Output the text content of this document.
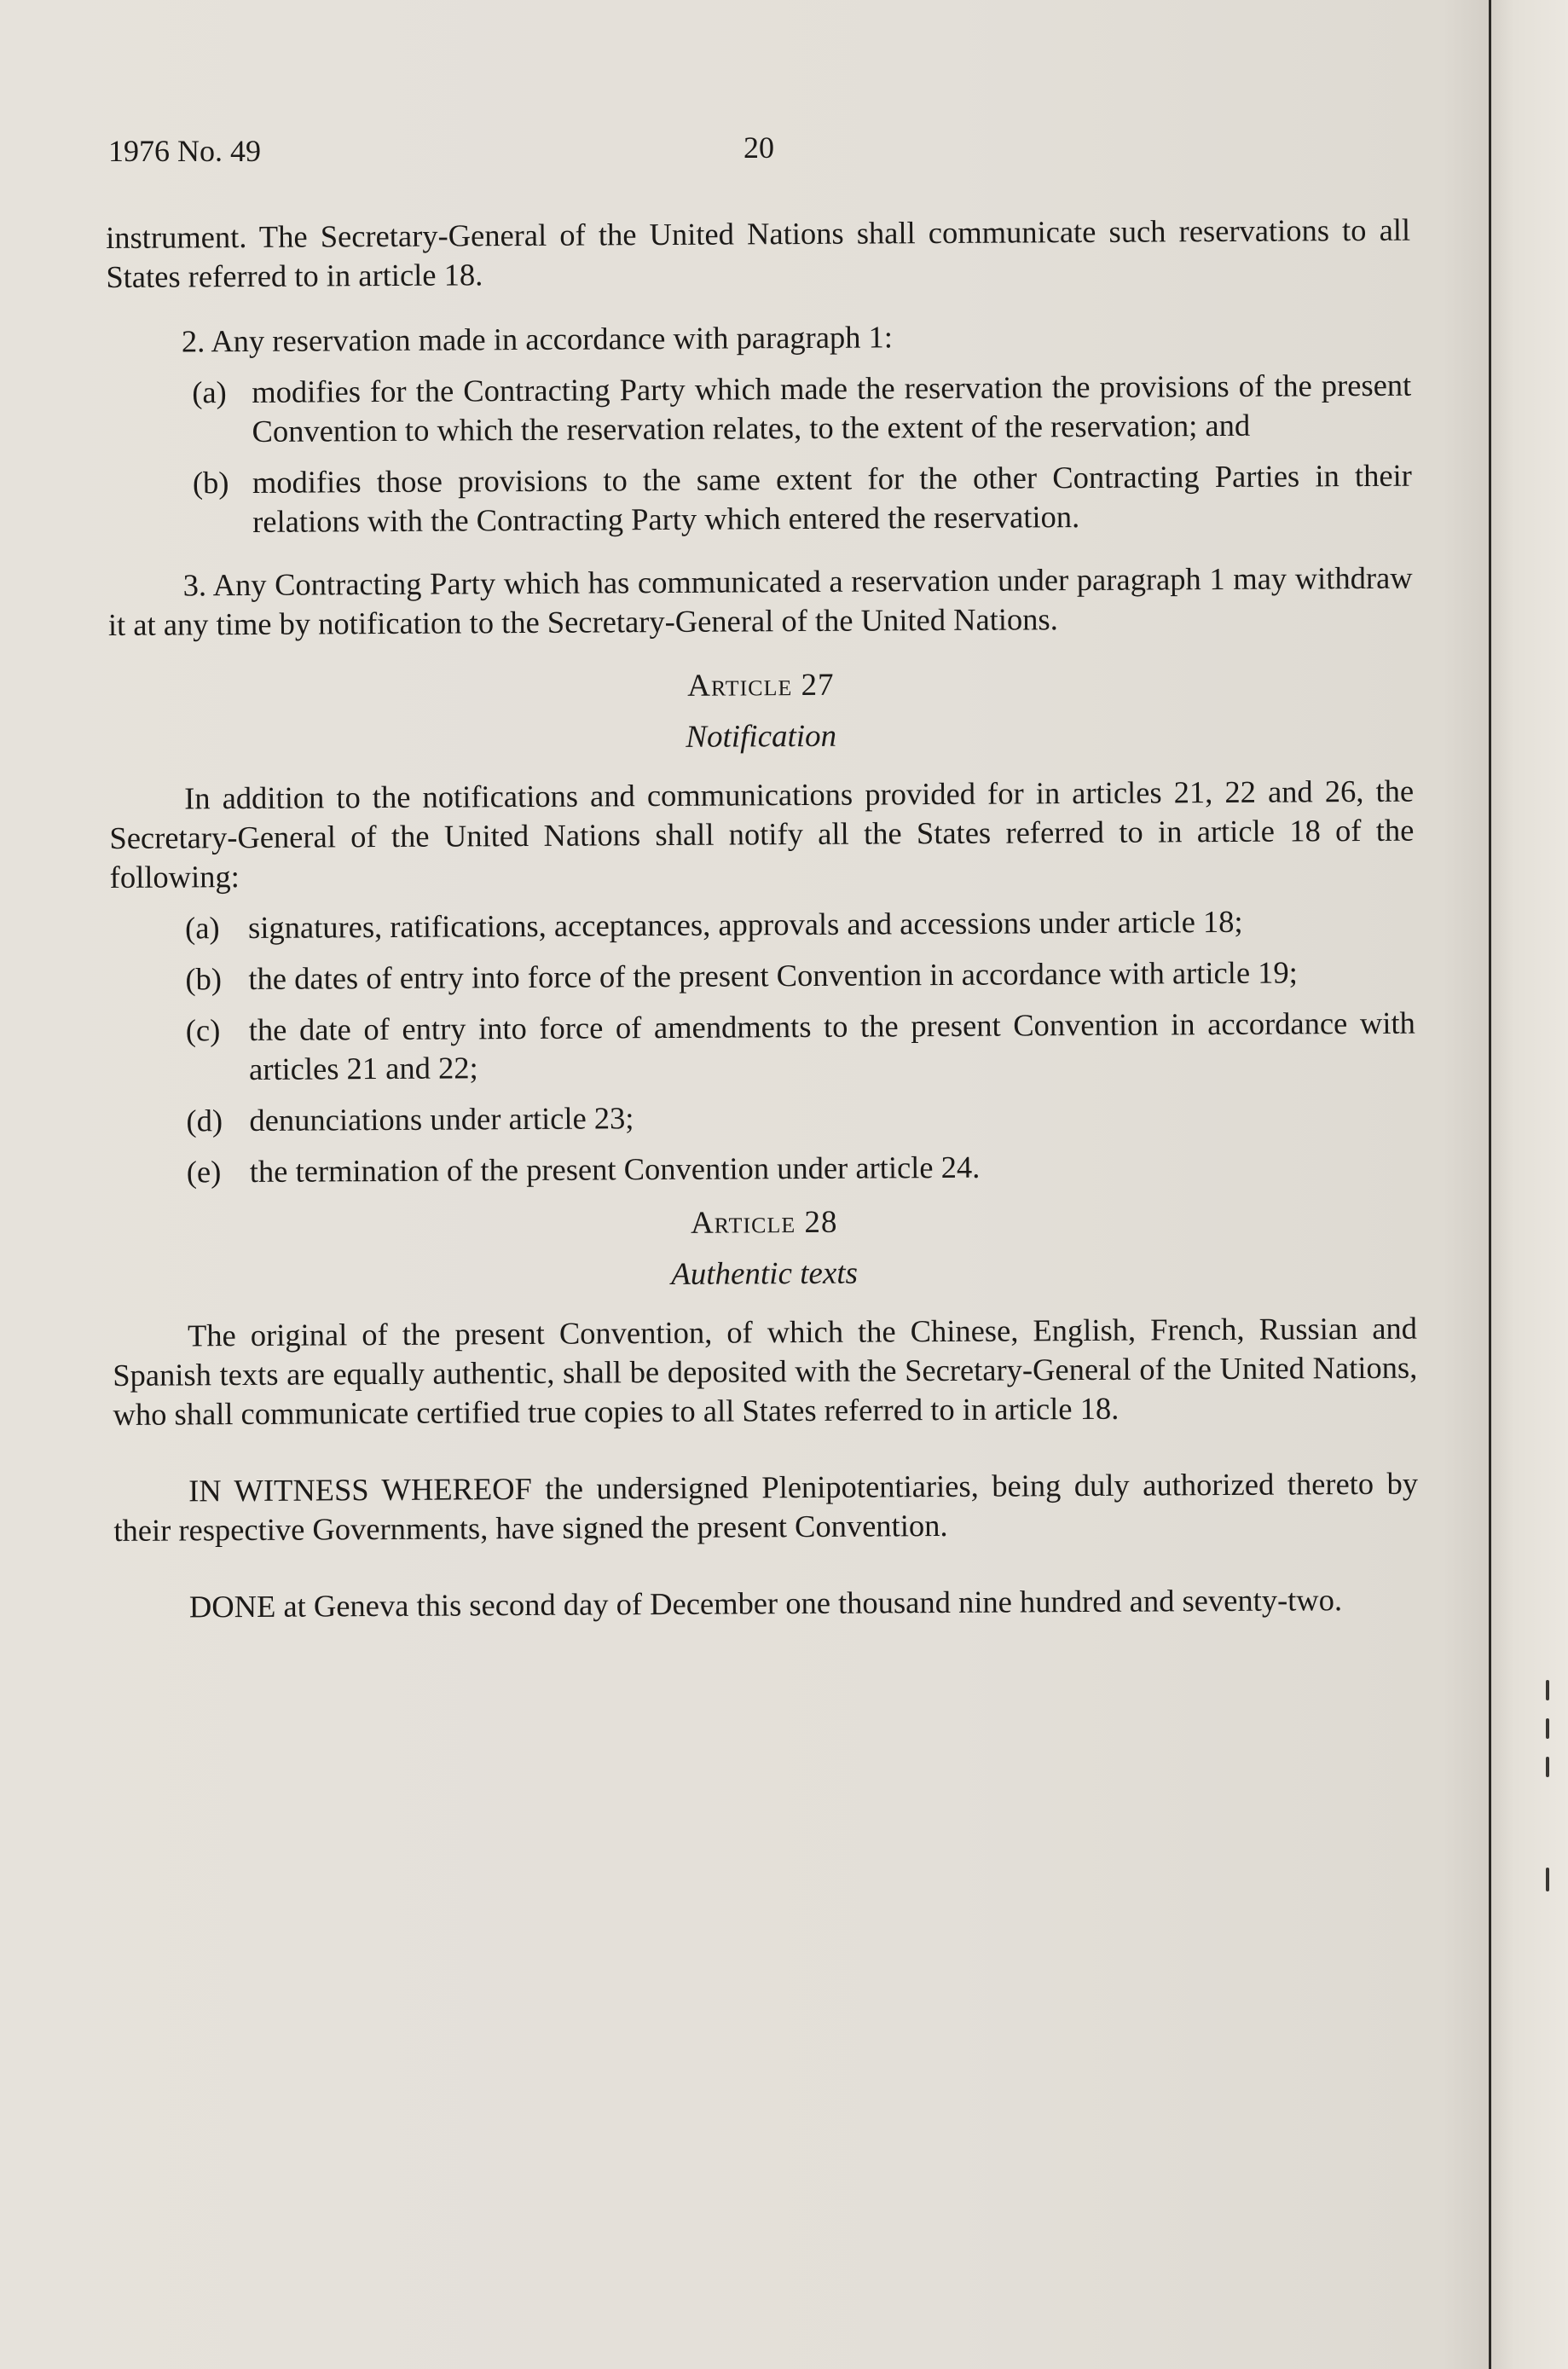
1976 No. 49	20

instrument. The Secretary-General of the United Nations shall communicate such reservations to all States referred to in article 18.

2. Any reservation made in accordance with paragraph 1:

(a) modifies for the Contracting Party which made the reservation the provisions of the present Convention to which the reservation relates, to the extent of the reservation; and
(b) modifies those provisions to the same extent for the other Contracting Parties in their relations with the Contracting Party which entered the reservation.

3. Any Contracting Party which has communicated a reservation under paragraph 1 may withdraw it at any time by notification to the Secretary-General of the United Nations.

Article 27

Notification

In addition to the notifications and communications provided for in articles 21, 22 and 26, the Secretary-General of the United Nations shall notify all the States referred to in article 18 of the following:

(a) signatures, ratifications, acceptances, approvals and accessions under article 18;
(b) the dates of entry into force of the present Convention in accordance with article 19;
(c) the date of entry into force of amendments to the present Convention in accordance with articles 21 and 22;
(d) denunciations under article 23;
(e) the termination of the present Convention under article 24.

Article 28

Authentic texts

The original of the present Convention, of which the Chinese, English, French, Russian and Spanish texts are equally authentic, shall be deposited with the Secretary-General of the United Nations, who shall communicate certified true copies to all States referred to in article 18.

IN WITNESS WHEREOF the undersigned Plenipotentiaries, being duly authorized thereto by their respective Governments, have signed the present Convention.

DONE at Geneva this second day of December one thousand nine hundred and seventy-two.
